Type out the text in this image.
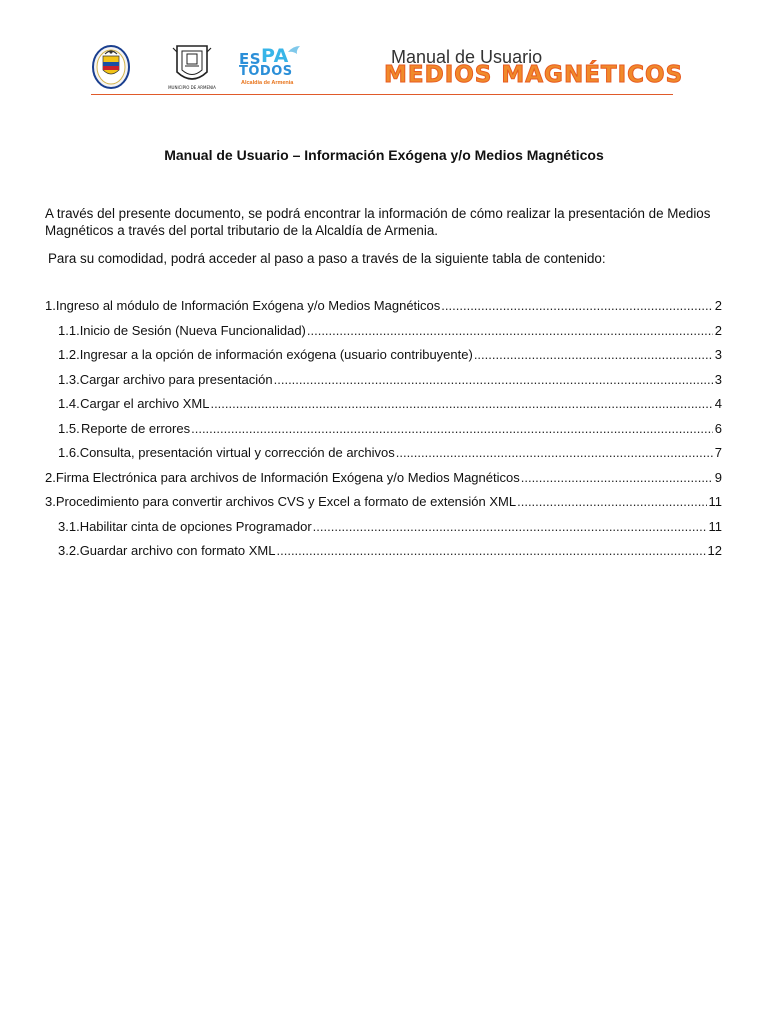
MUNICIPIO DE ARMENIA
ES PA
TODOS
Alcaldía de Armenia
Manual de Usuario
MEDIOS MAGNÉTICOS
Manual de Usuario – Información Exógena y/o Medios Magnéticos
A través del presente documento, se podrá encontrar la información de cómo realizar la presentación de Medios Magnéticos a través del portal tributario de la Alcaldía de Armenia.
Para su comodidad, podrá acceder al paso a paso a través de la siguiente tabla de contenido:
1. Ingreso al módulo de Información Exógena y/o Medios Magnéticos .....	2
1.1. Inicio de Sesión (Nueva Funcionalidad) .....	2
1.2. Ingresar a la opción de información exógena (usuario contribuyente) .....	3
1.3. Cargar archivo para presentación .....	3
1.4. Cargar el archivo XML .....	4
1.5. Reporte de errores .....	6
1.6. Consulta, presentación virtual y corrección de archivos .....	7
2. Firma Electrónica para archivos de Información Exógena y/o Medios Magnéticos .....	9
3. Procedimiento para convertir archivos CVS y Excel a formato de extensión XML .....	11
3.1. Habilitar cinta de opciones Programador .....	11
3.2. Guardar archivo con formato XML .....	12
